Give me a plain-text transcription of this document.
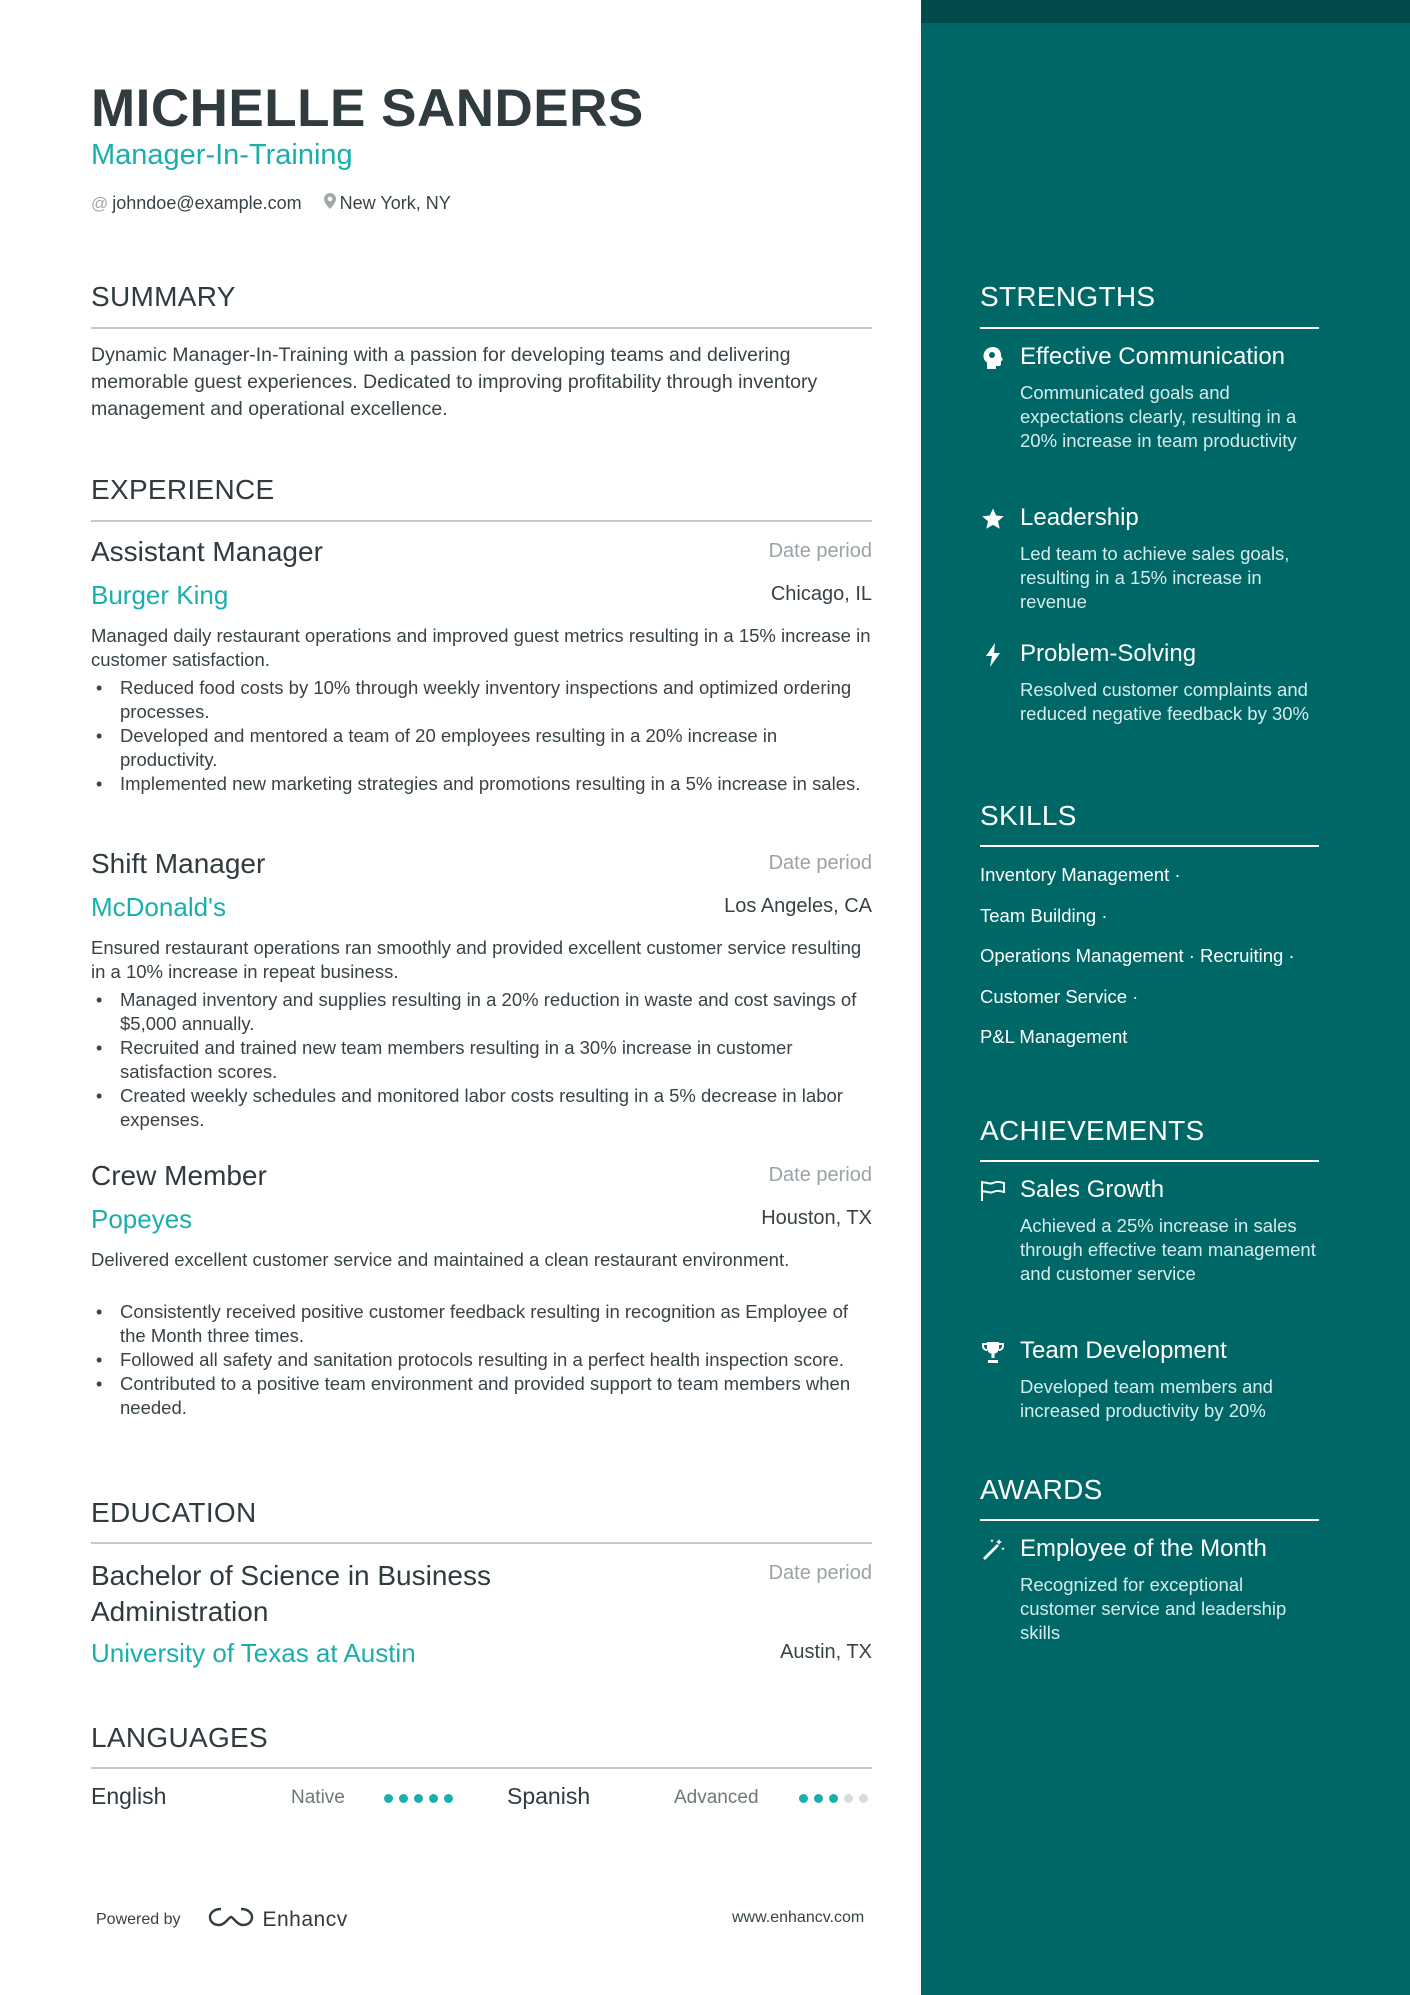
MICHELLE SANDERS
Manager-In-Training
@ johndoe@example.com New York, NY
SUMMARY
Dynamic Manager-In-Training with a passion for developing teams and delivering memorable guest experiences. Dedicated to improving profitability through inventory management and operational excellence.
EXPERIENCE
Assistant Manager	Date period
Burger King	Chicago, IL
Managed daily restaurant operations and improved guest metrics resulting in a 15% increase in customer satisfaction.
• Reduced food costs by 10% through weekly inventory inspections and optimized ordering processes.
• Developed and mentored a team of 20 employees resulting in a 20% increase in productivity.
• Implemented new marketing strategies and promotions resulting in a 5% increase in sales.
Shift Manager	Date period
McDonald's	Los Angeles, CA
Ensured restaurant operations ran smoothly and provided excellent customer service resulting in a 10% increase in repeat business.
• Managed inventory and supplies resulting in a 20% reduction in waste and cost savings of $5,000 annually.
• Recruited and trained new team members resulting in a 30% increase in customer satisfaction scores.
• Created weekly schedules and monitored labor costs resulting in a 5% decrease in labor expenses.
Crew Member	Date period
Popeyes	Houston, TX
Delivered excellent customer service and maintained a clean restaurant environment.
• Consistently received positive customer feedback resulting in recognition as Employee of the Month three times.
• Followed all safety and sanitation protocols resulting in a perfect health inspection score.
• Contributed to a positive team environment and provided support to team members when needed.
EDUCATION
Bachelor of Science in Business
Administration
Date period
University of Texas at Austin	Austin, TX
LANGUAGES
English	Native	Spanish	Advanced
Powered by	Enhancv	www.enhancv.com
STRENGTHS
Effective Communication
Communicated goals and expectations clearly, resulting in a 20% increase in team productivity
Leadership
Led team to achieve sales goals, resulting in a 15% increase in revenue
Problem-Solving
Resolved customer complaints and reduced negative feedback by 30%
SKILLS
Inventory Management ·
Team Building ·
Operations Management · Recruiting ·
Customer Service ·
P&L Management
ACHIEVEMENTS
Sales Growth
Achieved a 25% increase in sales through effective team management and customer service
Team Development
Developed team members and increased productivity by 20%
AWARDS
Employee of the Month
Recognized for exceptional customer service and leadership skills
